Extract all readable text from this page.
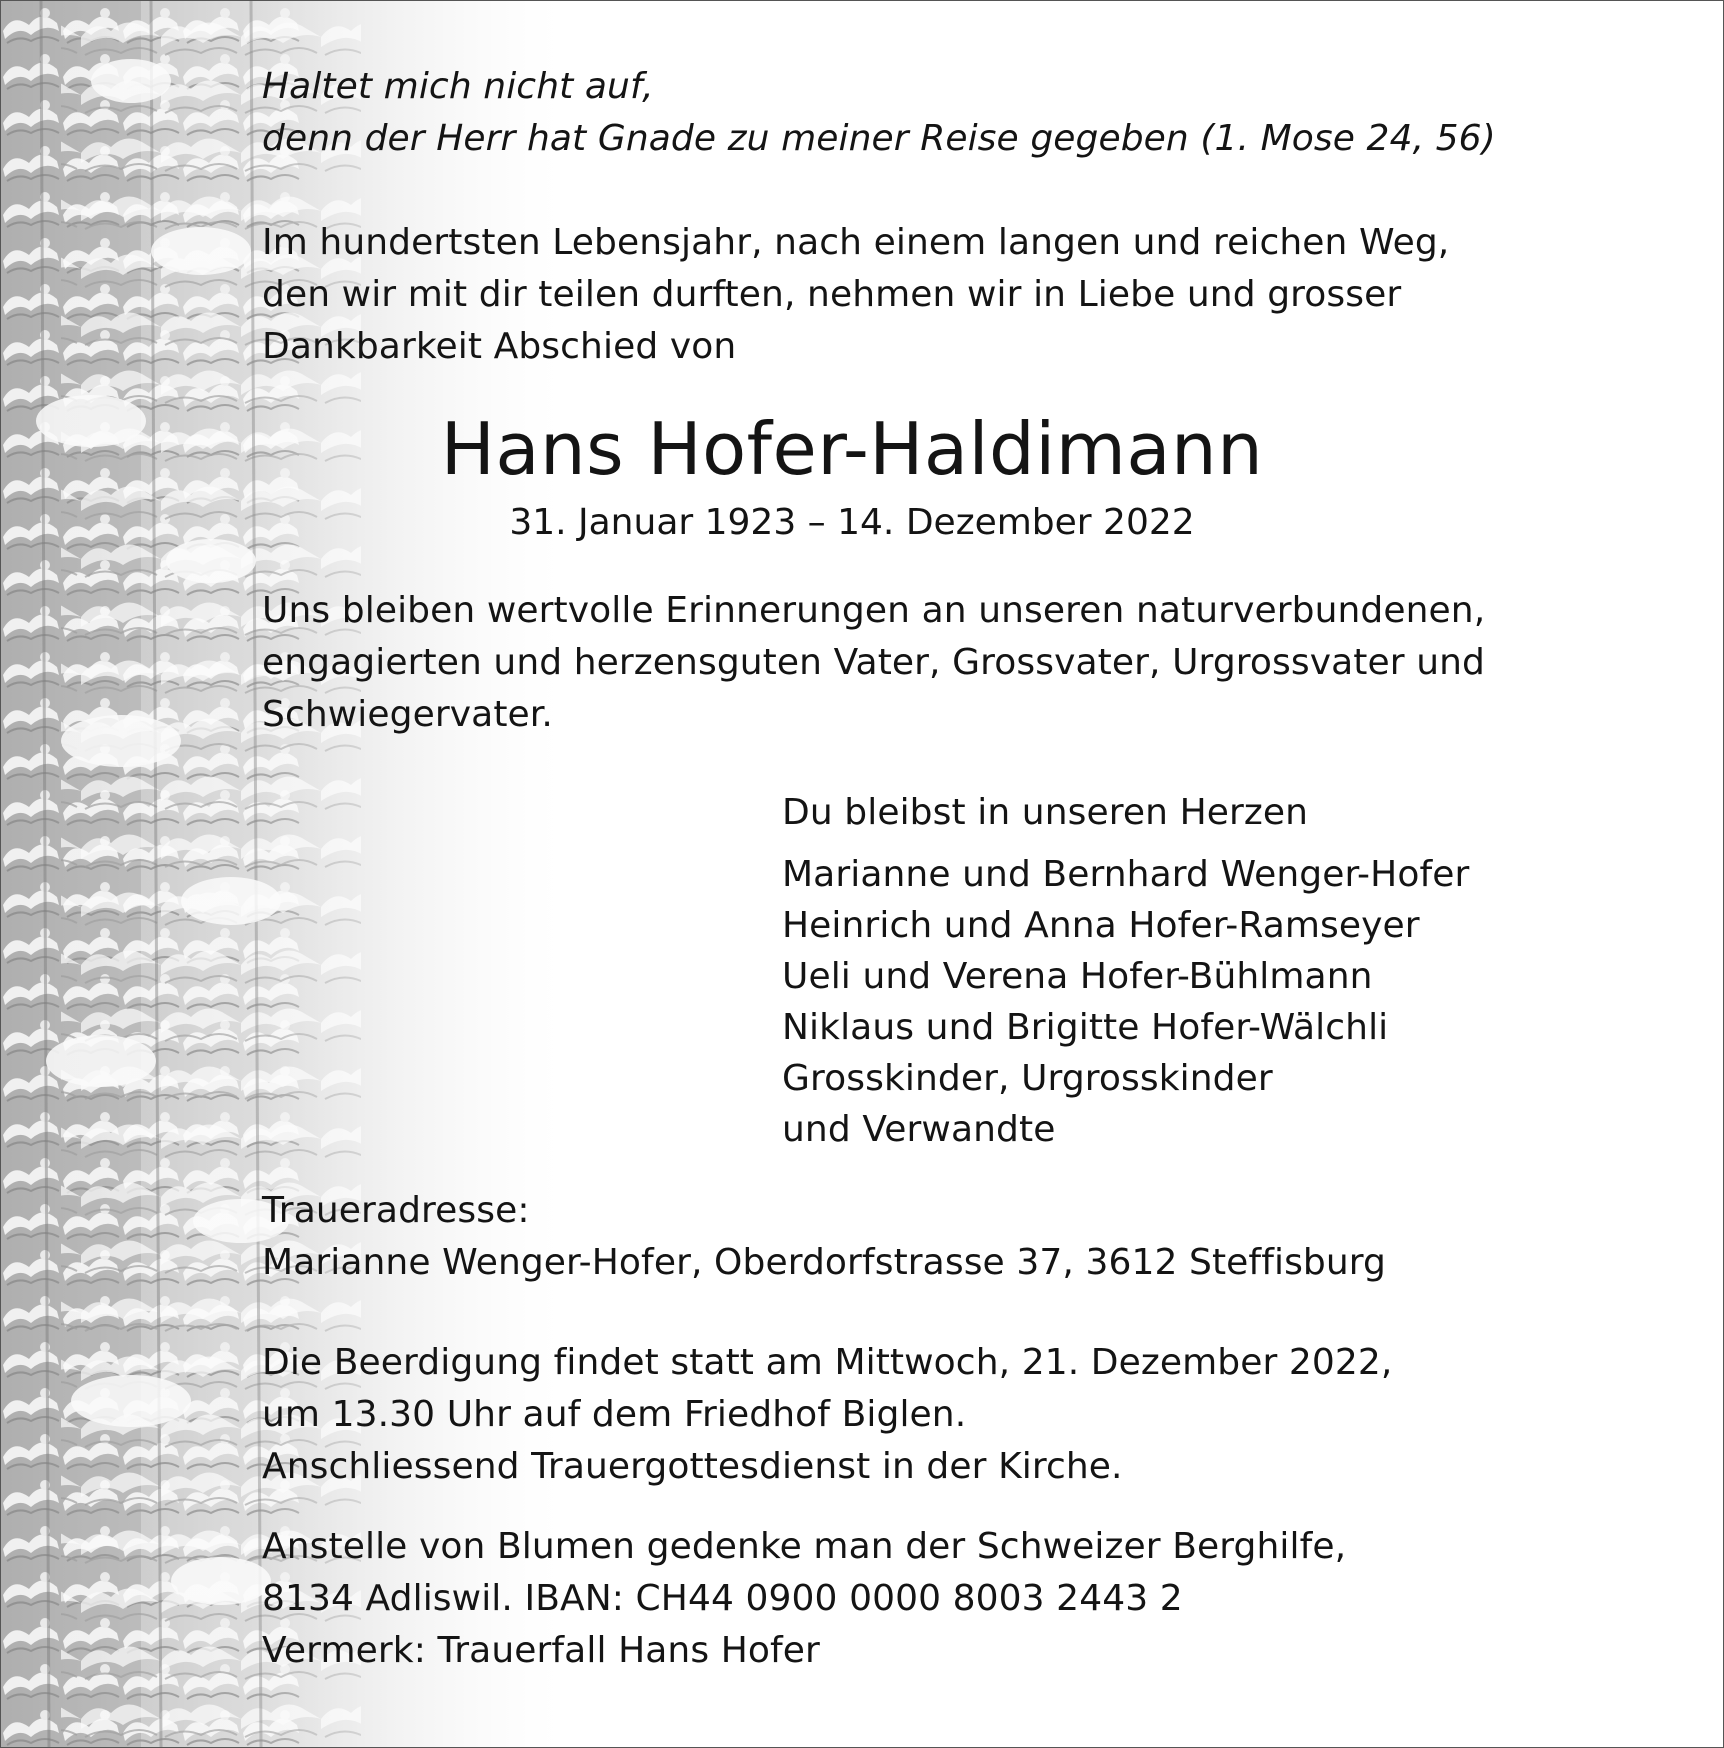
Haltet mich nicht auf,
denn der Herr hat Gnade zu meiner Reise gegeben (1. Mose 24, 56)
Im hundertsten Lebensjahr, nach einem langen und reichen Weg,
den wir mit dir teilen durften, nehmen wir in Liebe und grosser
Dankbarkeit Abschied von
Hans Hofer-Haldimann
31. Januar 1923 – 14. Dezember 2022
Uns bleiben wertvolle Erinnerungen an unseren naturverbundenen,
engagierten und herzensguten Vater, Grossvater, Urgrossvater und
Schwiegervater.
Du bleibst in unseren Herzen
Marianne und Bernhard Wenger-Hofer
Heinrich und Anna Hofer-Ramseyer
Ueli und Verena Hofer-Bühlmann
Niklaus und Brigitte Hofer-Wälchli
Grosskinder, Urgrosskinder
und Verwandte
Traueradresse:
Marianne Wenger-Hofer, Oberdorfstrasse 37, 3612 Steffisburg
Die Beerdigung findet statt am Mittwoch, 21. Dezember 2022,
um 13.30 Uhr auf dem Friedhof Biglen.
Anschliessend Trauergottesdienst in der Kirche.
Anstelle von Blumen gedenke man der Schweizer Berghilfe,
8134 Adliswil. IBAN: CH44 0900 0000 8003 2443 2
Vermerk: Trauerfall Hans Hofer
